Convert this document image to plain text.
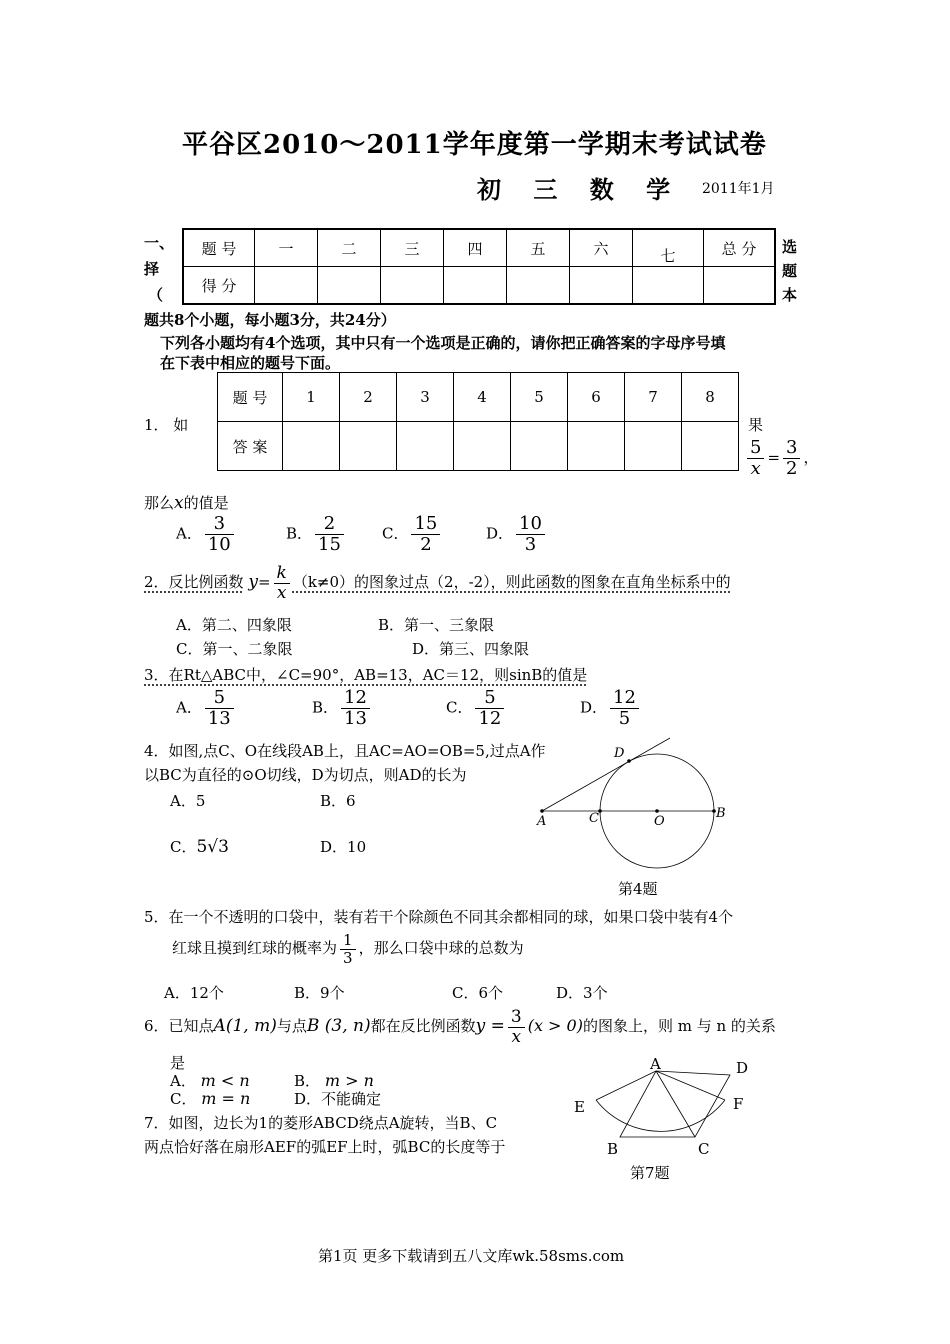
平谷区2010～2011学年度第一学期末考试试卷
初 三 数 学 2011年1月
一、
择
（
选
题
本
题 号	一	二	三	四	五	六	七	总 分
得 分								
题共8个小题，每小题3分，共24分）
下列各小题均有4个选项，其中只有一个选项是正确的，请你把正确答案的字母序号填
在下表中相应的题号下面。
题 号	1	2	3	4	5	6	7	8
答 案								
1． 如	果
$\frac{5}{x} = \frac{3}{2}$ ，
那么x的值是
A． $\frac{3}{10}$	B． $\frac{2}{15}$	C． $\frac{15}{2}$	D． $\frac{10}{3}$
2．反比例函数 $y= \frac{k}{x} (k\ne 0)$的图象过点（2，-2），则此函数的图象在直角坐标系中的
A．第二、四象限	B．第一、三象限
C．第一、二象限	D．第三、四象限
3．在Rt△ABC中，∠C=90°，AB=13，AC＝12，则sinB的值是
A． $\frac{5}{13}$	B． $\frac{12}{13}$	C． $\frac{5}{12}$	D． $\frac{12}{5}$
4．如图,点C、O在线段AB上，且AC=AO=OB=5,过点A作
以BC为直径的⊙O切线，D为切点，则AD的长为
A．5	B．6
C．5√3	D．10
A	C	O
B
D
第4题
5．在一个不透明的口袋中，装有若干个除颜色不同其余都相同的球，如果口袋中装有4个
红球且摸到红球的概率为 $\frac{1}{3}$ ，那么口袋中球的总数为
A．12个	B．9个	C．6个	D．3个
6．已知点A(1, m)与点B (3, n)都在反比例函数$y = \frac{3}{x} (x > 0)$的图象上，则 m 与 n 的关系
是
A． m < n	B． m > n
C． m = n	D．不能确定
7．如图，边长为1的菱形ABCD绕点A旋转，当B、C
两点恰好落在扇形AEF的弧EF上时，弧BC的长度等于
A	D
E	F
B	C
第7题
第1页 更多下载请到五八文库wk.58sms.com
